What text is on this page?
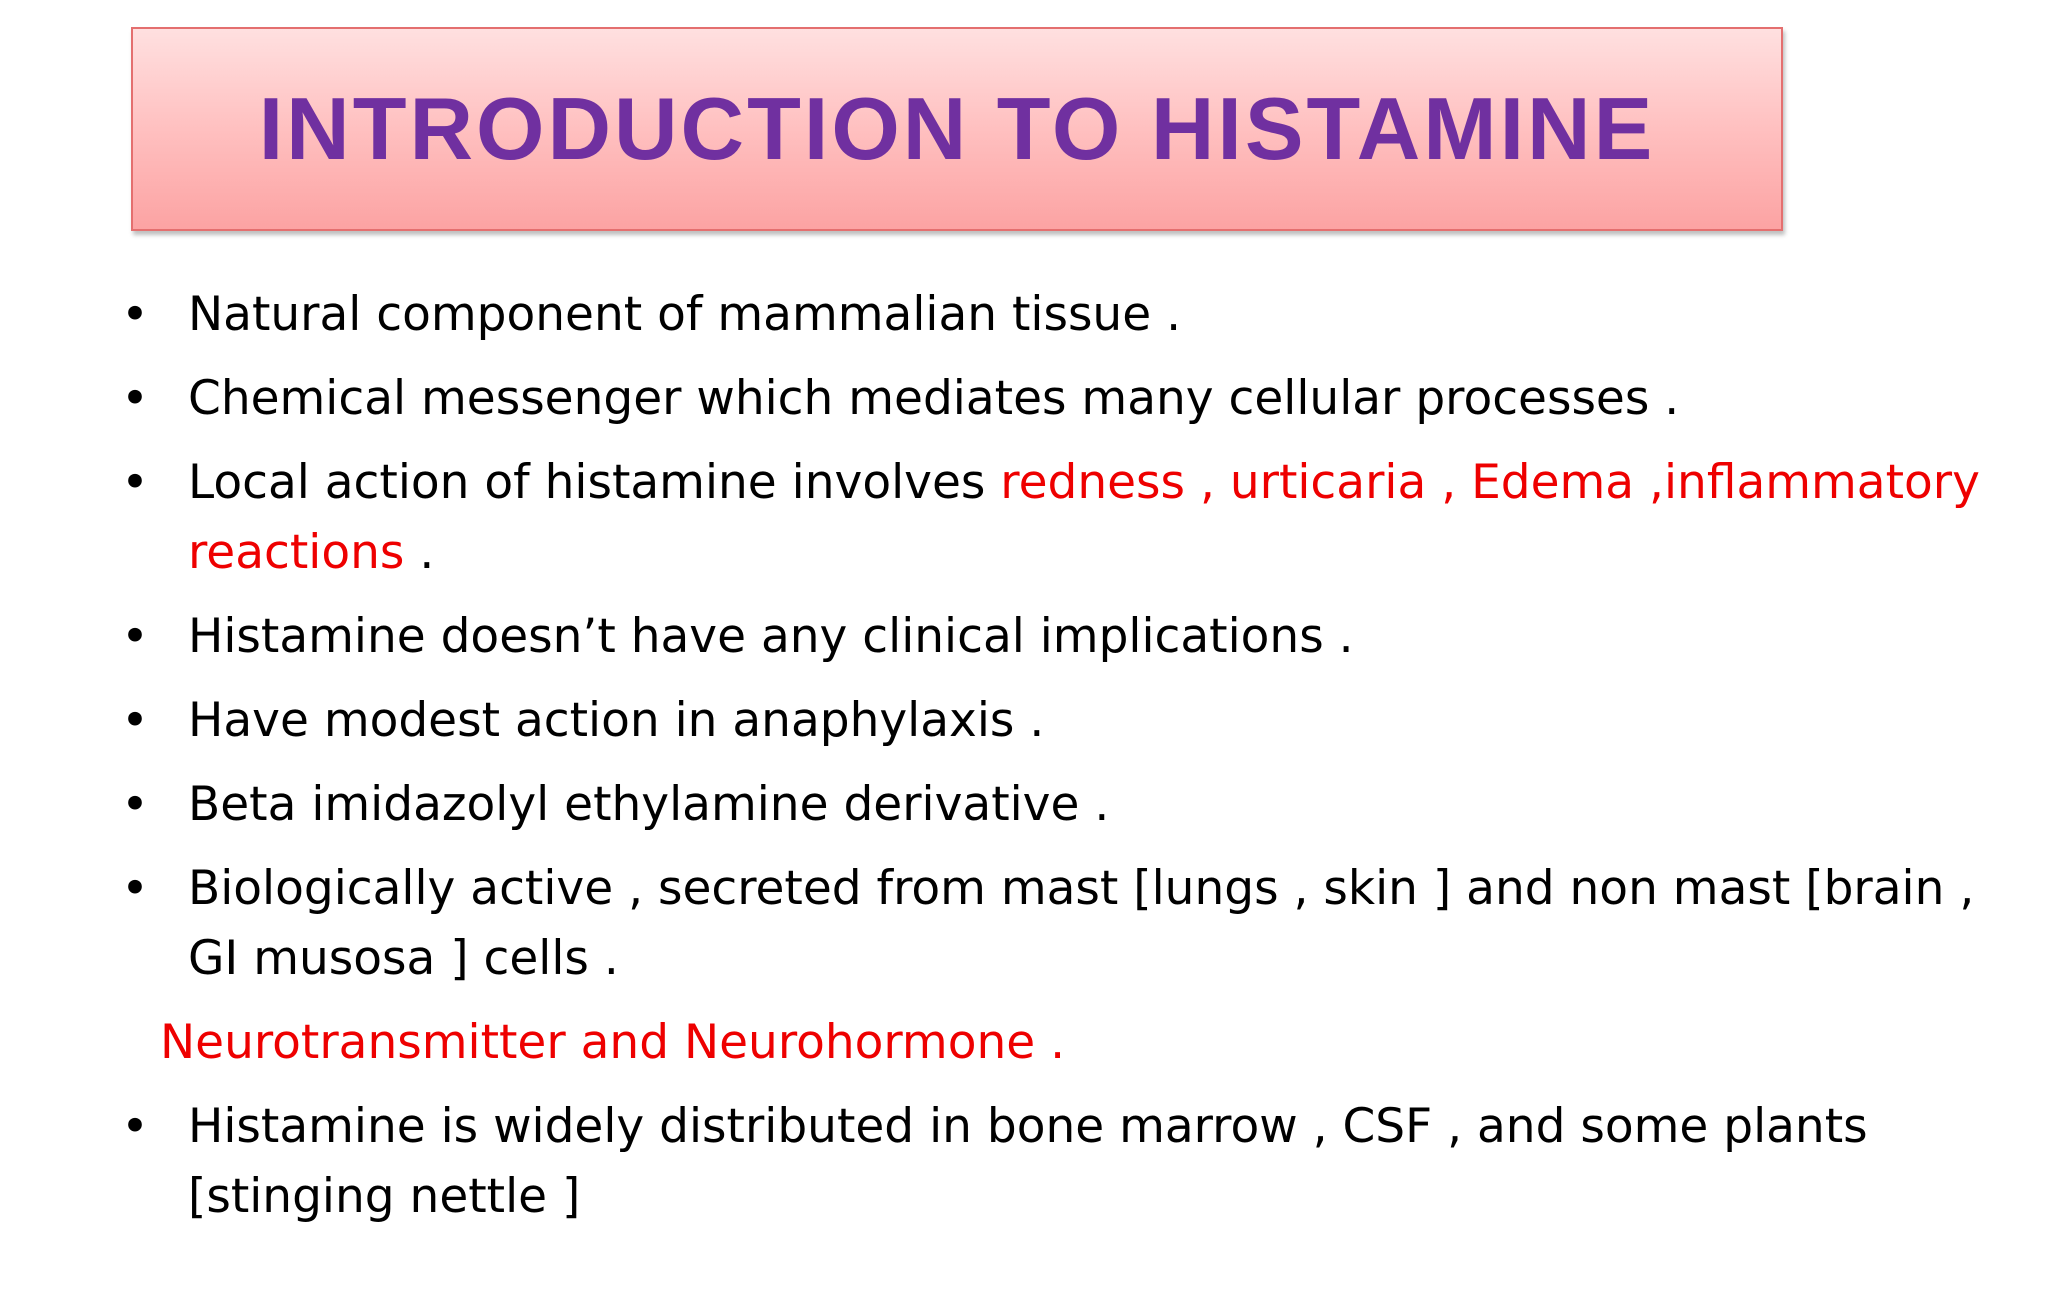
INTRODUCTION TO HISTAMINE
• Natural component of mammalian tissue .
• Chemical messenger which mediates many cellular processes .
• Local action of histamine involves redness , urticaria , Edema ,inflammatory reactions .
• Histamine doesn’t have any clinical implications .
• Have modest action in anaphylaxis .
• Beta imidazolyl ethylamine derivative .
• Biologically active , secreted from mast [lungs , skin ] and non mast [brain , GI musosa ] cells .
Neurotransmitter and Neurohormone .
• Histamine is widely distributed in bone marrow , CSF , and some plants [stinging nettle ]
